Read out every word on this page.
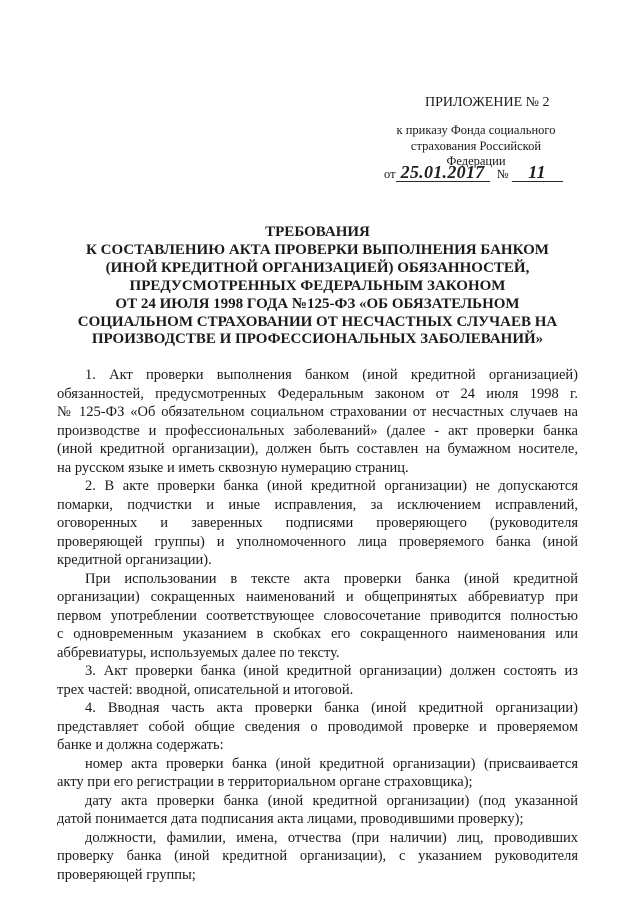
ПРИЛОЖЕНИЕ № 2
к приказу Фонда социального
страхования Российской
Федерации
от 25.01.2017 №	11
ТРЕБОВАНИЯ
К СОСТАВЛЕНИЮ АКТА ПРОВЕРКИ ВЫПОЛНЕНИЯ БАНКОМ
(ИНОЙ КРЕДИТНОЙ ОРГАНИЗАЦИЕЙ) ОБЯЗАННОСТЕЙ,
ПРЕДУСМОТРЕННЫХ ФЕДЕРАЛЬНЫМ ЗАКОНОМ
ОТ 24 ИЮЛЯ 1998 ГОДА №125-ФЗ «ОБ ОБЯЗАТЕЛЬНОМ
СОЦИАЛЬНОМ СТРАХОВАНИИ ОТ НЕСЧАСТНЫХ СЛУЧАЕВ НА
ПРОИЗВОДСТВЕ И ПРОФЕССИОНАЛЬНЫХ ЗАБОЛЕВАНИЙ»
1. Акт проверки выполнения банком (иной кредитной организацией)
обязанностей, предусмотренных Федеральным законом от 24 июля 1998 г.
№ 125-ФЗ «Об обязательном социальном страховании от несчастных случаев на
производстве и профессиональных заболеваний» (далее - акт проверки банка
(иной кредитной организации), должен быть составлен на бумажном носителе,
на русском языке и иметь сквозную нумерацию страниц.
2. В акте проверки банка (иной кредитной организации) не допускаются
помарки, подчистки и иные исправления, за исключением исправлений,
оговоренных и заверенных подписями проверяющего (руководителя
проверяющей группы) и уполномоченного лица проверяемого банка (иной
кредитной организации).
При использовании в тексте акта проверки банка (иной кредитной
организации) сокращенных наименований и общепринятых аббревиатур при
первом употреблении соответствующее словосочетание приводится полностью
с одновременным указанием в скобках его сокращенного наименования или
аббревиатуры, используемых далее по тексту.
3. Акт проверки банка (иной кредитной организации) должен состоять из
трех частей: вводной, описательной и итоговой.
4. Вводная часть акта проверки банка (иной кредитной организации)
представляет собой общие сведения о проводимой проверке и проверяемом
банке и должна содержать:
номер акта проверки банка (иной кредитной организации) (присваивается
акту при его регистрации в территориальном органе страховщика);
дату акта проверки банка (иной кредитной организации) (под указанной
датой понимается дата подписания акта лицами, проводившими проверку);
должности, фамилии, имена, отчества (при наличии) лиц, проводивших
проверку банка (иной кредитной организации), с указанием руководителя
проверяющей группы;
